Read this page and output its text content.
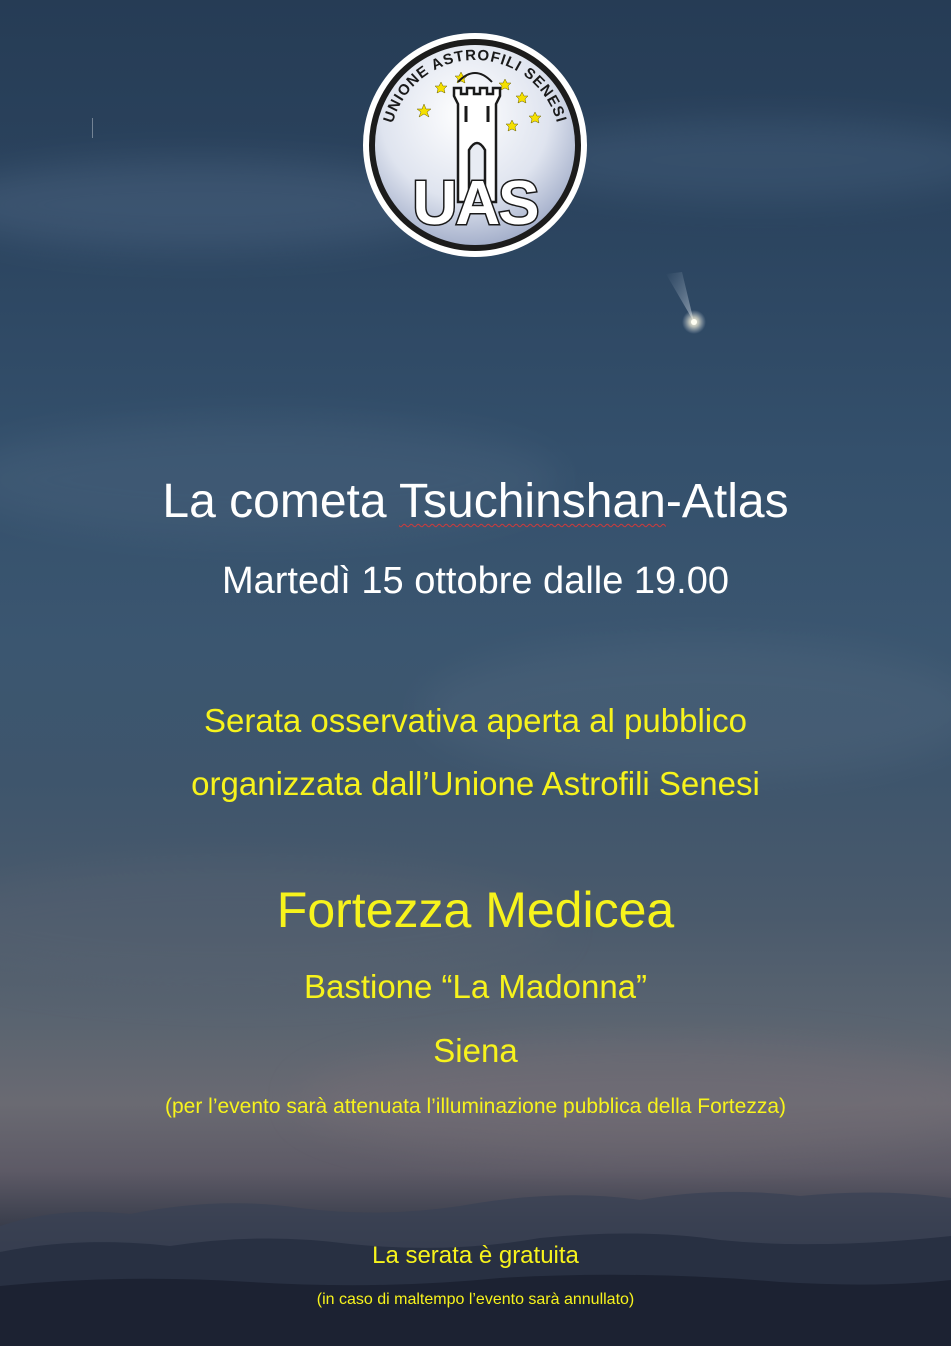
UNIONE ASTROFILI SENESI
UAS
La cometa Tsuchinshan-Atlas
Martedì 15 ottobre dalle 19.00
Serata osservativa aperta al pubblico
organizzata dall’Unione Astrofili Senesi
Fortezza Medicea
Bastione “La Madonna”
Siena
(per l’evento sarà attenuata l’illuminazione pubblica della Fortezza)
La serata è gratuita
(in caso di maltempo l’evento sarà annullato)
